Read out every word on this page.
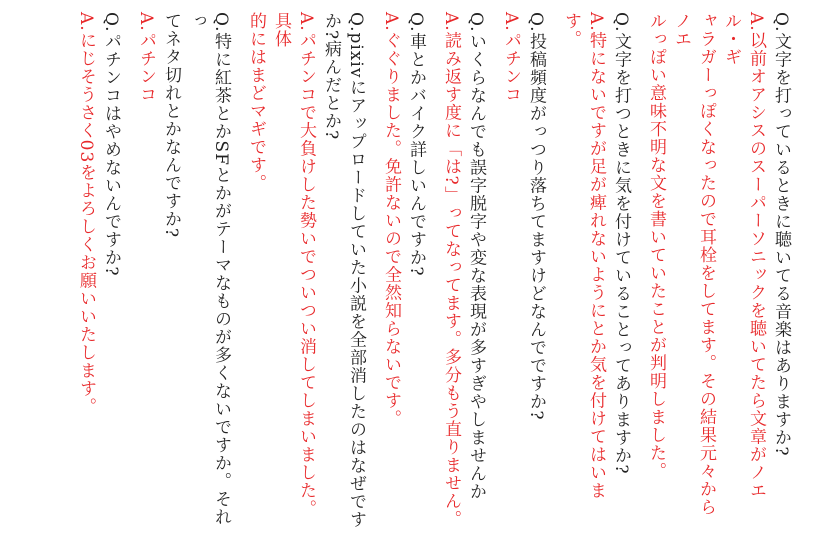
Q.文字を打っているときに聴いてる音楽はありますか?
A.以前オアシスのスーパーソニックを聴いてたら文章がノエル・ギ
ャラガーっぽくなったので耳栓をしてます。その結果元々からノエ
ルっぽい意味不明な文を書いていたことが判明しました。
Q.文字を打つときに気を付けていることってありますか?
A.特にないですが足が痺れないようにとか気を付けてはいます。
Q.投稿頻度がっつり落ちてますけどなんでですか?
A.パチンコ
Q.いくらなんでも誤字脱字や変な表現が多すぎやしませんか
A.読み返す度に「は?」ってなってます。多分もう直りません。
Q.車とかバイク詳しいんですか?
A.ぐぐりました。免許ないので全然知らないです。
Q.pixivにアップロードしていた小説を全部消したのはなぜです
か?病んだとか?
A.パチンコで大負けした勢いでついつい消してしまいました。具体
的にはまどマギです。
Q.特に紅茶とかSFとかがテーマなものが多くないですか。それっ
てネタ切れとかなんですか?
A.パチンコ
Q.パチンコはやめないんですか?
A.にじそうさく03をよろしくお願いいたします。
